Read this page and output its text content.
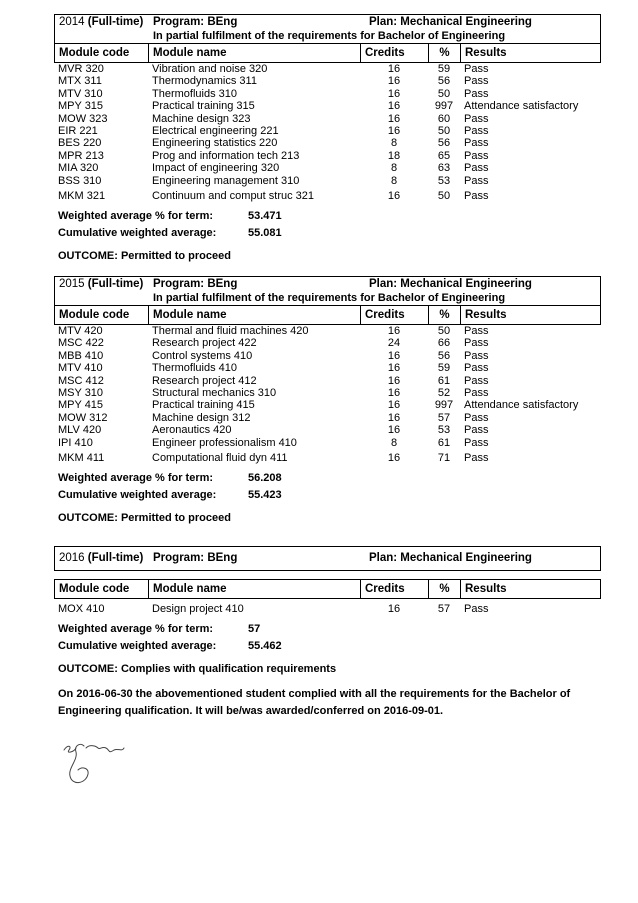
2014 (Full-time) Program: BEng	Plan: Mechanical Engineering
In partial fulfilment of the requirements for Bachelor of Engineering
Module code	Module name	Credits	%	Results
MVR 320	Vibration and noise 320	16	59	Pass
MTX 311	Thermodynamics 311	16	56	Pass
MTV 310	Thermofluids 310	16	50	Pass
MPY 315	Practical training 315	16	997 Attendance satisfactory
MOW 323	Machine design 323	16	60	Pass
EIR 221	Electrical engineering 221	16	50	Pass
BES 220	Engineering statistics 220	8	56	Pass
MPR 213	Prog and information tech 213	18	65	Pass
MIA 320	Impact of engineering 320	8	63	Pass
BSS 310	Engineering management 310	8	53	Pass
MKM 321	Continuum and comput struc 321	16	50	Pass
Weighted average % for term:	53.471
Cumulative weighted average:	55.081
OUTCOME: Permitted to proceed
2015 (Full-time) Program: BEng	Plan: Mechanical Engineering
In partial fulfilment of the requirements for Bachelor of Engineering
Module code	Module name	Credits	%	Results
MTV 420	Thermal and fluid machines 420	16	50	Pass
MSC 422	Research project 422	24	66	Pass
MBB 410	Control systems 410	16	56	Pass
MTV 410	Thermofluids 410	16	59	Pass
MSC 412	Research project 412	16	61	Pass
MSY 310	Structural mechanics 310	16	52	Pass
MPY 415	Practical training 415	16	997 Attendance satisfactory
MOW 312	Machine design 312	16	57	Pass
MLV 420	Aeronautics 420	16	53	Pass
IPI 410	Engineer professionalism 410	8	61	Pass
MKM 411	Computational fluid dyn 411	16	71	Pass
Weighted average % for term:	56.208
Cumulative weighted average:	55.423
OUTCOME: Permitted to proceed
2016 (Full-time) Program: BEng	Plan: Mechanical Engineering
Module code	Module name	Credits	%	Results
MOX 410	Design project 410	16	57	Pass
Weighted average % for term:	57
Cumulative weighted average:	55.462
OUTCOME: Complies with qualification requirements
On 2016-06-30 the abovementioned student complied with all the requirements for the Bachelor of Engineering qualification. It will be/was awarded/conferred on 2016-09-01.
